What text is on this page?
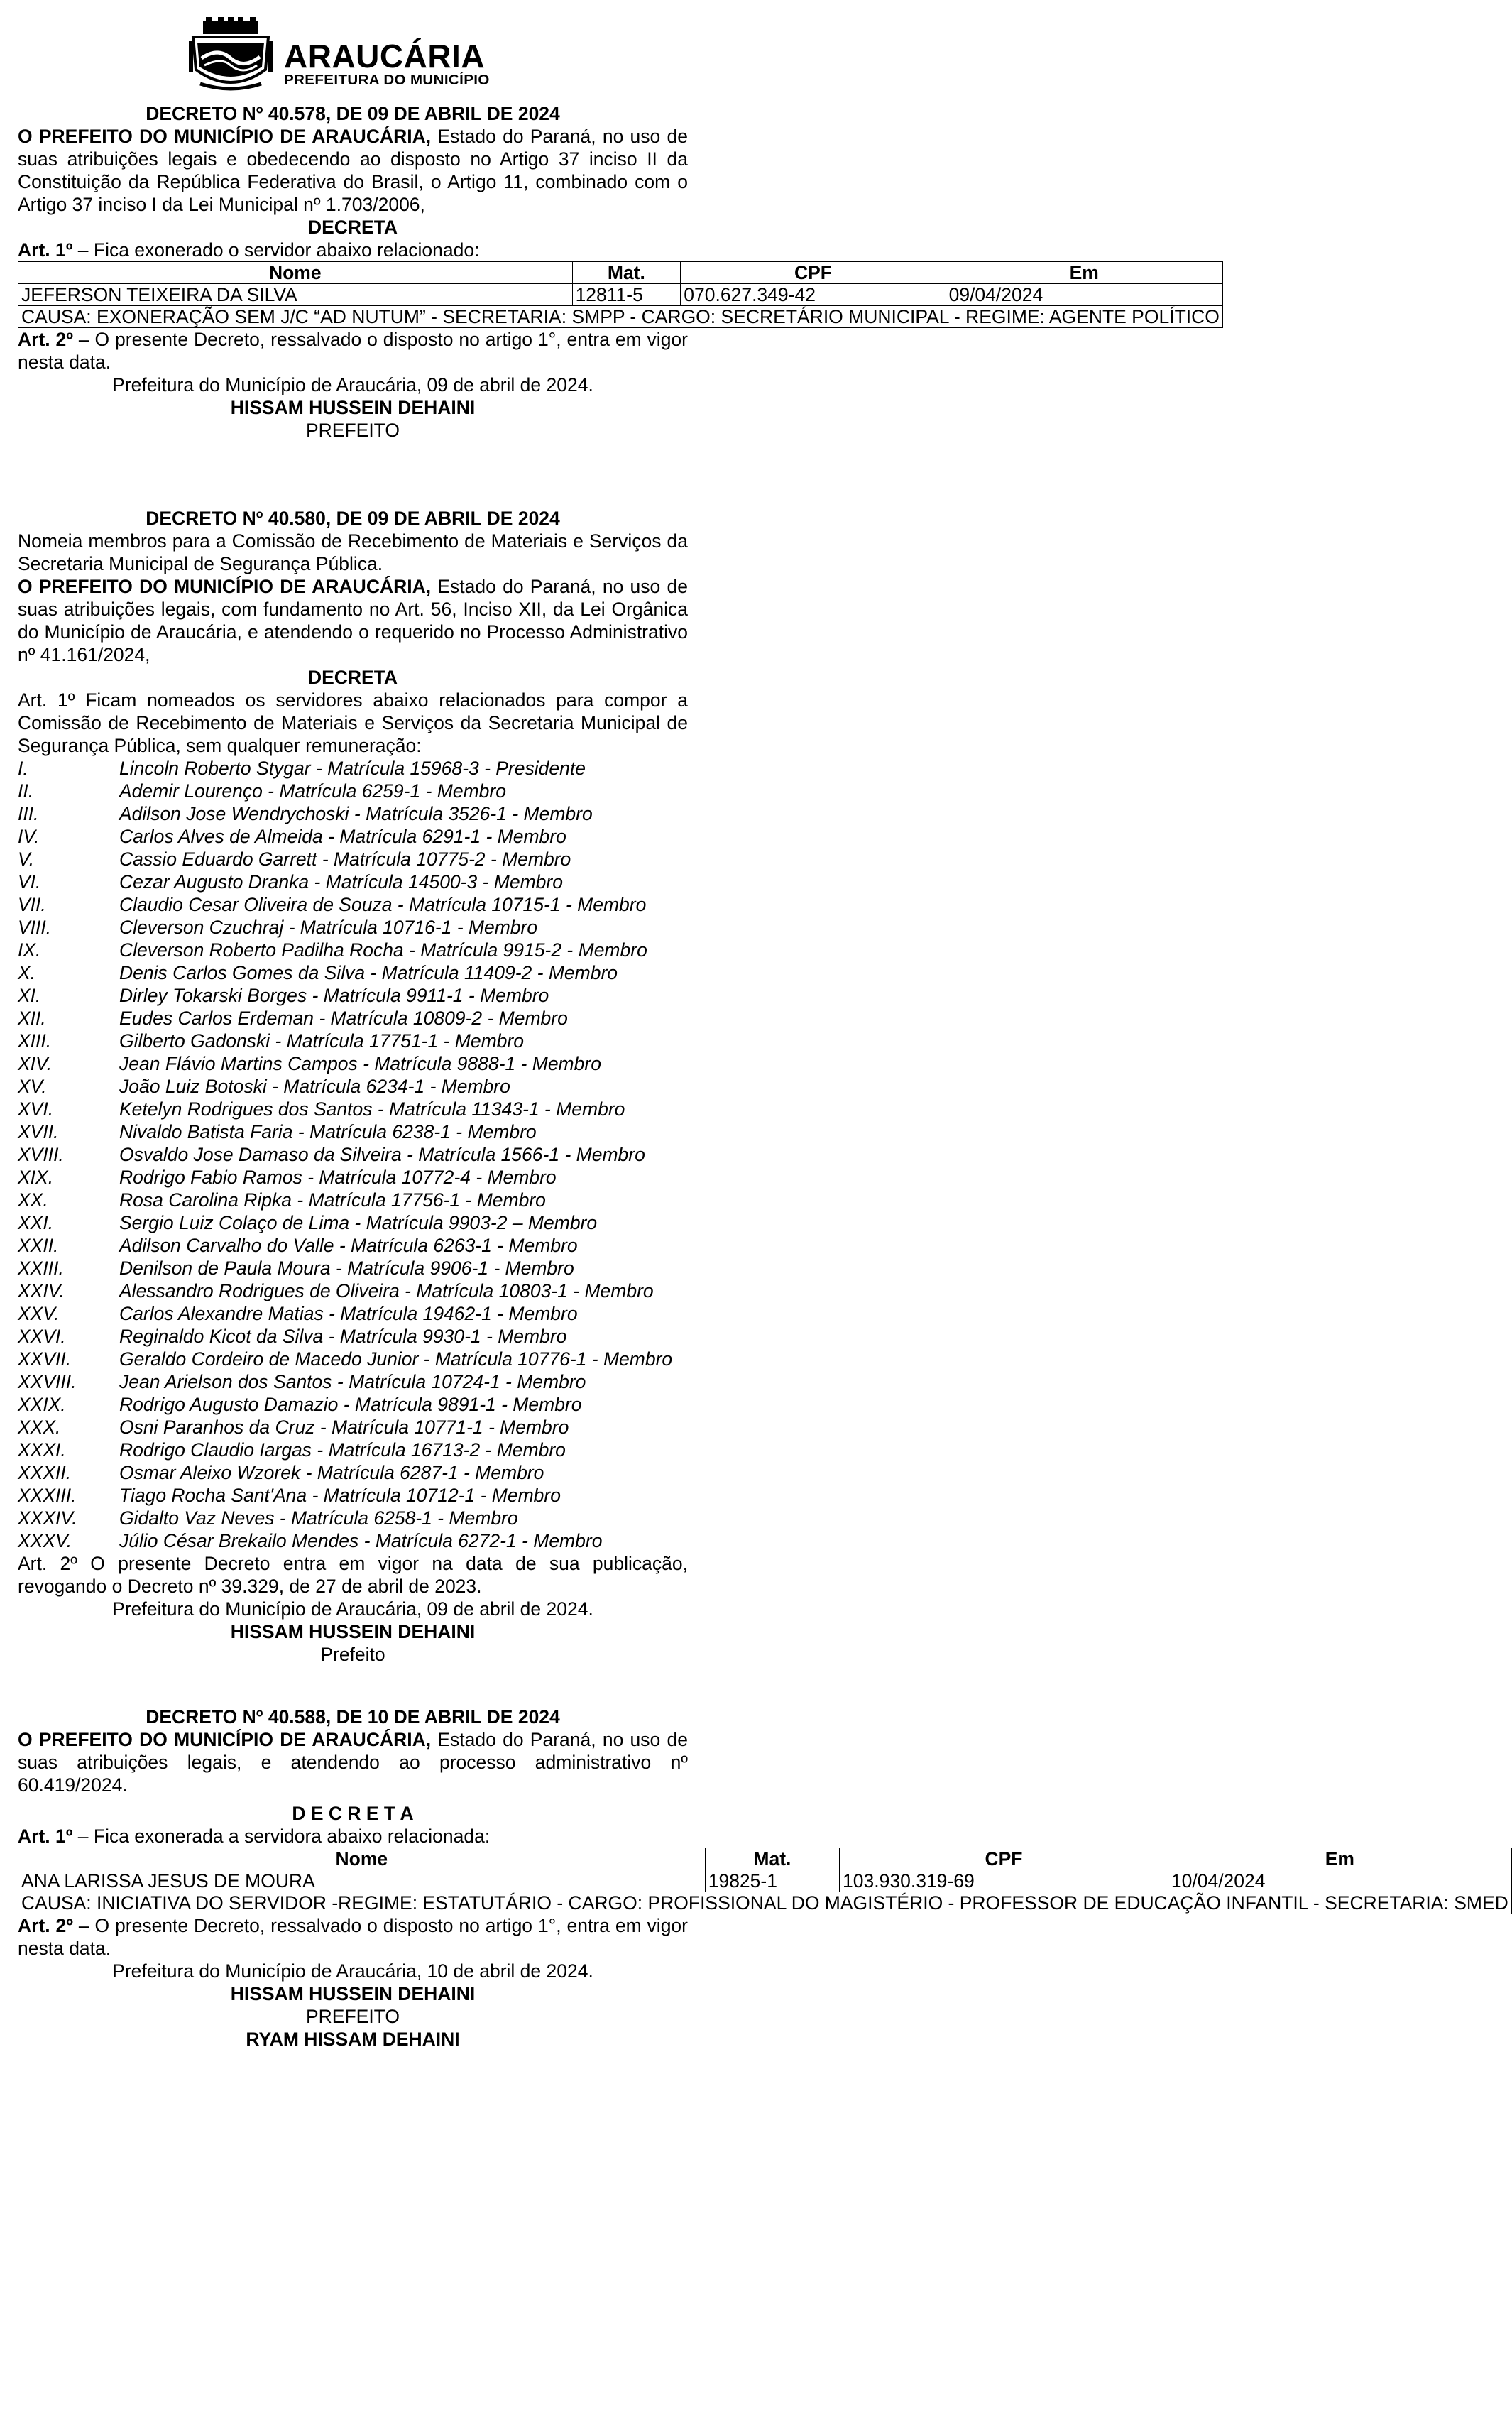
ARAUCÁRIA
PREFEITURA DO MUNICÍPIO
DECRETO Nº 40.578, DE 09 DE ABRIL DE 2024
O PREFEITO DO MUNICÍPIO DE ARAUCÁRIA, Estado do Paraná, no uso de suas atribuições legais e obedecendo ao disposto no Artigo 37 inciso II da Constituição da República Federativa do Brasil, o Artigo 11, combinado com o Artigo 37 inciso I da Lei Municipal nº 1.703/2006,
DECRETA
Art. 1º – Fica exonerado o servidor abaixo relacionado:
Nome	Mat.	CPF	Em
JEFERSON TEIXEIRA DA SILVA	12811-5	070.627.349-42	09/04/2024
CAUSA: EXONERAÇÃO SEM J/C “AD NUTUM” - SECRETARIA: SMPP - CARGO: SECRETÁRIO MUNICIPAL - REGIME: AGENTE POLÍTICO			
Art. 2º – O presente Decreto, ressalvado o disposto no artigo 1°, entra em vigor nesta data.
Prefeitura do Município de Araucária, 09 de abril de 2024.
HISSAM HUSSEIN DEHAINI
PREFEITO
DECRETO Nº 40.580, DE 09 DE ABRIL DE 2024
Nomeia membros para a Comissão de Recebimento de Materiais e Serviços da Secretaria Municipal de Segurança Pública.
O PREFEITO DO MUNICÍPIO DE ARAUCÁRIA, Estado do Paraná, no uso de suas atribuições legais, com fundamento no Art. 56, Inciso XII, da Lei Orgânica do Município de Araucária, e atendendo o requerido no Processo Administrativo nº 41.161/2024,
DECRETA
Art. 1º Ficam nomeados os servidores abaixo relacionados para compor a Comissão de Recebimento de Materiais e Serviços da Secretaria Municipal de Segurança Pública, sem qualquer remuneração:
I.	Lincoln Roberto Stygar - Matrícula 15968-3 - Presidente
II.	Ademir Lourenço - Matrícula 6259-1 - Membro
III.	Adilson Jose Wendrychoski - Matrícula 3526-1 - Membro
IV.	Carlos Alves de Almeida - Matrícula 6291-1 - Membro
V.	Cassio Eduardo Garrett - Matrícula 10775-2 - Membro
VI.	Cezar Augusto Dranka - Matrícula 14500-3 - Membro
VII.	Claudio Cesar Oliveira de Souza - Matrícula 10715-1 - Membro
VIII.	Cleverson Czuchraj - Matrícula 10716-1 - Membro
IX.	Cleverson Roberto Padilha Rocha - Matrícula 9915-2 - Membro
X.	Denis Carlos Gomes da Silva - Matrícula 11409-2 - Membro
XI.	Dirley Tokarski Borges - Matrícula 9911-1 - Membro
XII.	Eudes Carlos Erdeman - Matrícula 10809-2 - Membro
XIII.	Gilberto Gadonski - Matrícula 17751-1 - Membro
XIV.	Jean Flávio Martins Campos - Matrícula 9888-1 - Membro
XV.	João Luiz Botoski - Matrícula 6234-1 - Membro
XVI.	Ketelyn Rodrigues dos Santos - Matrícula 11343-1 - Membro
XVII.	Nivaldo Batista Faria - Matrícula 6238-1 - Membro
XVIII.	Osvaldo Jose Damaso da Silveira - Matrícula 1566-1 - Membro
XIX.	Rodrigo Fabio Ramos - Matrícula 10772-4 - Membro
XX.	Rosa Carolina Ripka - Matrícula 17756-1 - Membro
XXI.	Sergio Luiz Colaço de Lima - Matrícula 9903-2 – Membro
XXII.	Adilson Carvalho do Valle - Matrícula 6263-1 - Membro
XXIII.	Denilson de Paula Moura - Matrícula 9906-1 - Membro
XXIV.	Alessandro Rodrigues de Oliveira - Matrícula 10803-1 - Membro
XXV.	Carlos Alexandre Matias - Matrícula 19462-1 - Membro
XXVI.	Reginaldo Kicot da Silva - Matrícula 9930-1 - Membro
XXVII.	Geraldo Cordeiro de Macedo Junior - Matrícula 10776-1 - Membro
XXVIII.	Jean Arielson dos Santos - Matrícula 10724-1 - Membro
XXIX.	Rodrigo Augusto Damazio - Matrícula 9891-1 - Membro
XXX.	Osni Paranhos da Cruz - Matrícula 10771-1 - Membro
XXXI.	Rodrigo Claudio Iargas - Matrícula 16713-2 - Membro
XXXII.	Osmar Aleixo Wzorek - Matrícula 6287-1 - Membro
XXXIII.	Tiago Rocha Sant'Ana - Matrícula 10712-1 - Membro
XXXIV.	Gidalto Vaz Neves - Matrícula 6258-1 - Membro
XXXV.	Júlio César Brekailo Mendes - Matrícula 6272-1 - Membro
Art. 2º O presente Decreto entra em vigor na data de sua publicação, revogando o Decreto nº 39.329, de 27 de abril de 2023.
Prefeitura do Município de Araucária, 09 de abril de 2024.
HISSAM HUSSEIN DEHAINI
Prefeito
DECRETO Nº 40.588, DE 10 DE ABRIL DE 2024
O PREFEITO DO MUNICÍPIO DE ARAUCÁRIA, Estado do Paraná, no uso de suas atribuições legais, e atendendo ao processo administrativo nº 60.419/2024.
D E C R E T A
Art. 1º – Fica exonerada a servidora abaixo relacionada:
Nome	Mat.	CPF	Em
ANA LARISSA JESUS DE MOURA	19825-1	103.930.319-69	10/04/2024
CAUSA: INICIATIVA DO SERVIDOR -REGIME: ESTATUTÁRIO - CARGO: PROFISSIONAL DO MAGISTÉRIO - PROFESSOR DE EDUCAÇÃO INFANTIL - SECRETARIA: SMED			
Art. 2º – O presente Decreto, ressalvado o disposto no artigo 1°, entra em vigor nesta data.
Prefeitura do Município de Araucária, 10 de abril de 2024.
HISSAM HUSSEIN DEHAINI
PREFEITO
RYAM HISSAM DEHAINI
